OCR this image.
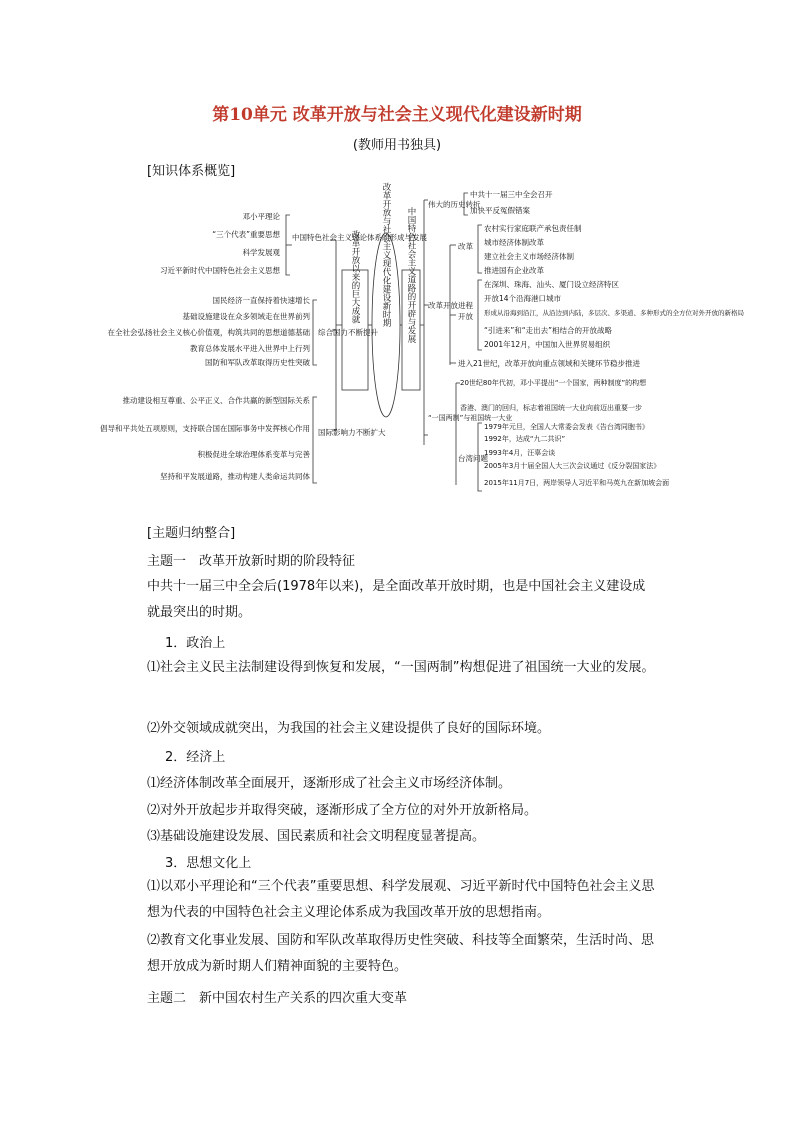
第10单元 改革开放与社会主义现代化建设新时期
(教师用书独具)
[知识体系概览]
改革开放与社会主义现代化建设新时期
改革开放以来的巨大成就	中国特色社会主义道路的开辟与发展
中国特色社会主义理论体系的形成与发展
邓小平理论
“三个代表”重要思想
科学发展观
习近平新时代中国特色社会主义思想
综合国力不断提升
国民经济一直保持着快速增长
基础设施建设在众多领域走在世界前列
在全社会弘扬社会主义核心价值观，构筑共同的思想道德基础
教育总体发展水平进入世界中上行列
国防和军队改革取得历史性突破
国际影响力不断扩大
推动建设相互尊重、公平正义、合作共赢的新型国际关系
倡导和平共处五项原则，支持联合国在国际事务中发挥核心作用
积极促进全球治理体系变革与完善
坚持和平发展道路，推动构建人类命运共同体
伟大的历史转折
中共十一届三中全会召开
加快平反冤假错案
改革开放进程
改革
农村实行家庭联产承包责任制
城市经济体制改革
建立社会主义市场经济体制
推进国有企业改革
开放
在深圳、珠海、汕头、厦门设立经济特区
开放14个沿海港口城市
形成从沿海到沿江，从沿边到内陆，多层次、多渠道、多种形式的全方位对外开放的新格局
“引进来”和“走出去”相结合的开放战略
2001年12月，中国加入世界贸易组织
进入21世纪，改革开放向重点领域和关键环节稳步推进
“一国两制”与祖国统一大业
20世纪80年代初，邓小平提出“一个国家，两种制度”的构想
香港、澳门的回归，标志着祖国统一大业向前迈出重要一步
台湾问题
1979年元旦，全国人大常委会发表《告台湾同胞书》
1992年，达成“九二共识”
1993年4月，汪辜会谈
2005年3月十届全国人大三次会议通过《反分裂国家法》
2015年11月7日，两岸领导人习近平和马英九在新加坡会面
[主题归纳整合]
主题一　改革开放新时期的阶段特征
中共十一届三中全会后(1978年以来)，是全面改革开放时期，也是中国社会主义建设成就最突出的时期。
1．政治上
⑴社会主义民主法制建设得到恢复和发展，“一国两制”构想促进了祖国统一大业的发展。
⑵外交领域成就突出，为我国的社会主义建设提供了良好的国际环境。
2．经济上
⑴经济体制改革全面展开，逐渐形成了社会主义市场经济体制。
⑵对外开放起步并取得突破，逐渐形成了全方位的对外开放新格局。
⑶基础设施建设发展、国民素质和社会文明程度显著提高。
3．思想文化上
⑴以邓小平理论和“三个代表”重要思想、科学发展观、习近平新时代中国特色社会主义思想为代表的中国特色社会主义理论体系成为我国改革开放的思想指南。
⑵教育文化事业发展、国防和军队改革取得历史性突破、科技等全面繁荣，生活时尚、思想开放成为新时期人们精神面貌的主要特色。
主题二　新中国农村生产关系的四次重大变革
